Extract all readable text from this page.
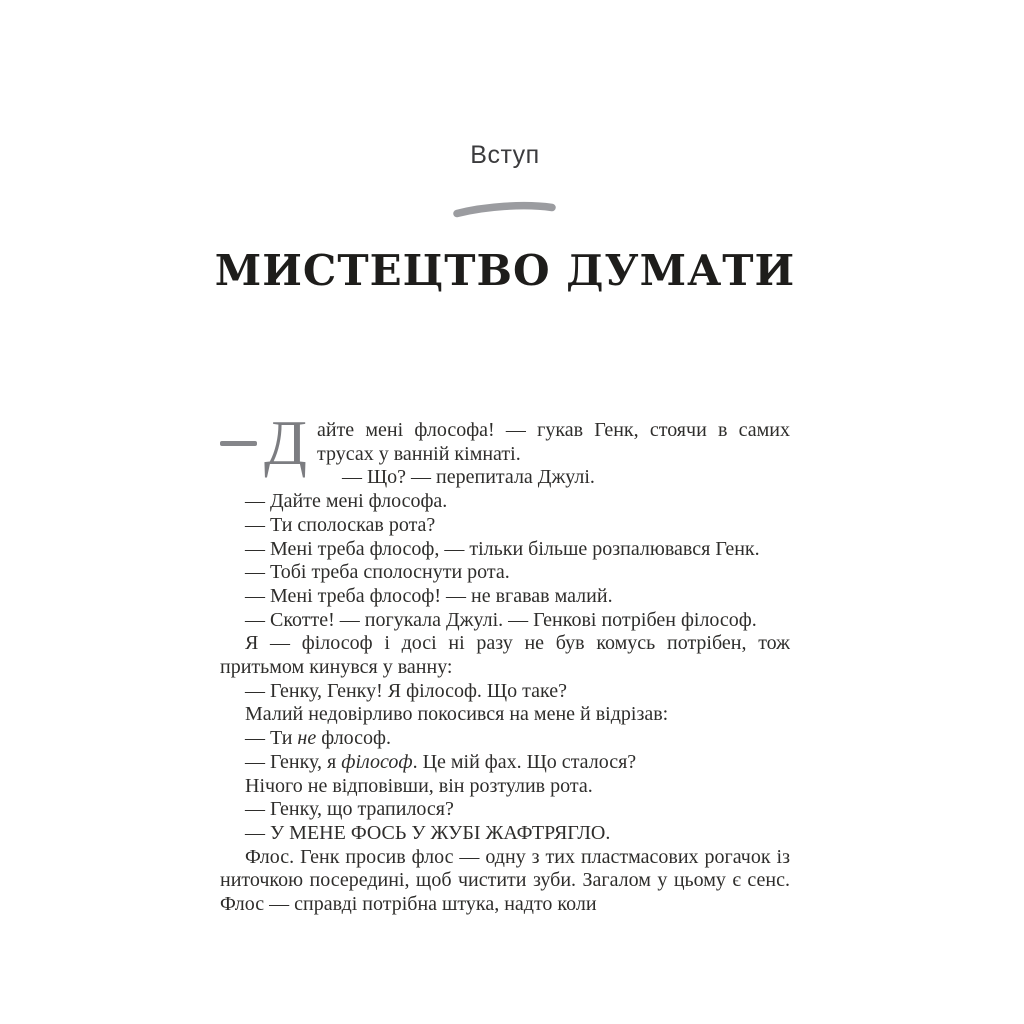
Вступ
МИСТЕЦТВО ДУМАТИ

Д айте мені флософа! — гукав Генк, стоячи в самих трусах у ванній кімнаті.

— Що? — перепитала Джулі.

— Дайте мені флософа.

— Ти сполоскав рота?

— Мені треба флософ, — тільки більше розпалювався Генк.

— Тобі треба сполоснути рота.

— Мені треба флософ! — не вгавав малий.

— Скотте! — погукала Джулі. — Генкові потрібен філософ.

Я — філософ і досі ні разу не був комусь потрібен, тож притьмом кинувся у ванну:

— Генку, Генку! Я філософ. Що таке?

Малий недовірливо покосився на мене й відрізав:

— Ти не флософ.

— Генку, я філософ. Це мій фах. Що сталося?

Нічого не відповівши, він розтулив рота.

— Генку, що трапилося?

— У МЕНЕ ФОСЬ У ЖУБІ ЖАФТРЯГЛО.

Флос. Генк просив флос — одну з тих пластмасових рогачок із ниточкою посередині, щоб чистити зуби. Загалом у цьому є сенс. Флос — справді потрібна штука, надто коли
